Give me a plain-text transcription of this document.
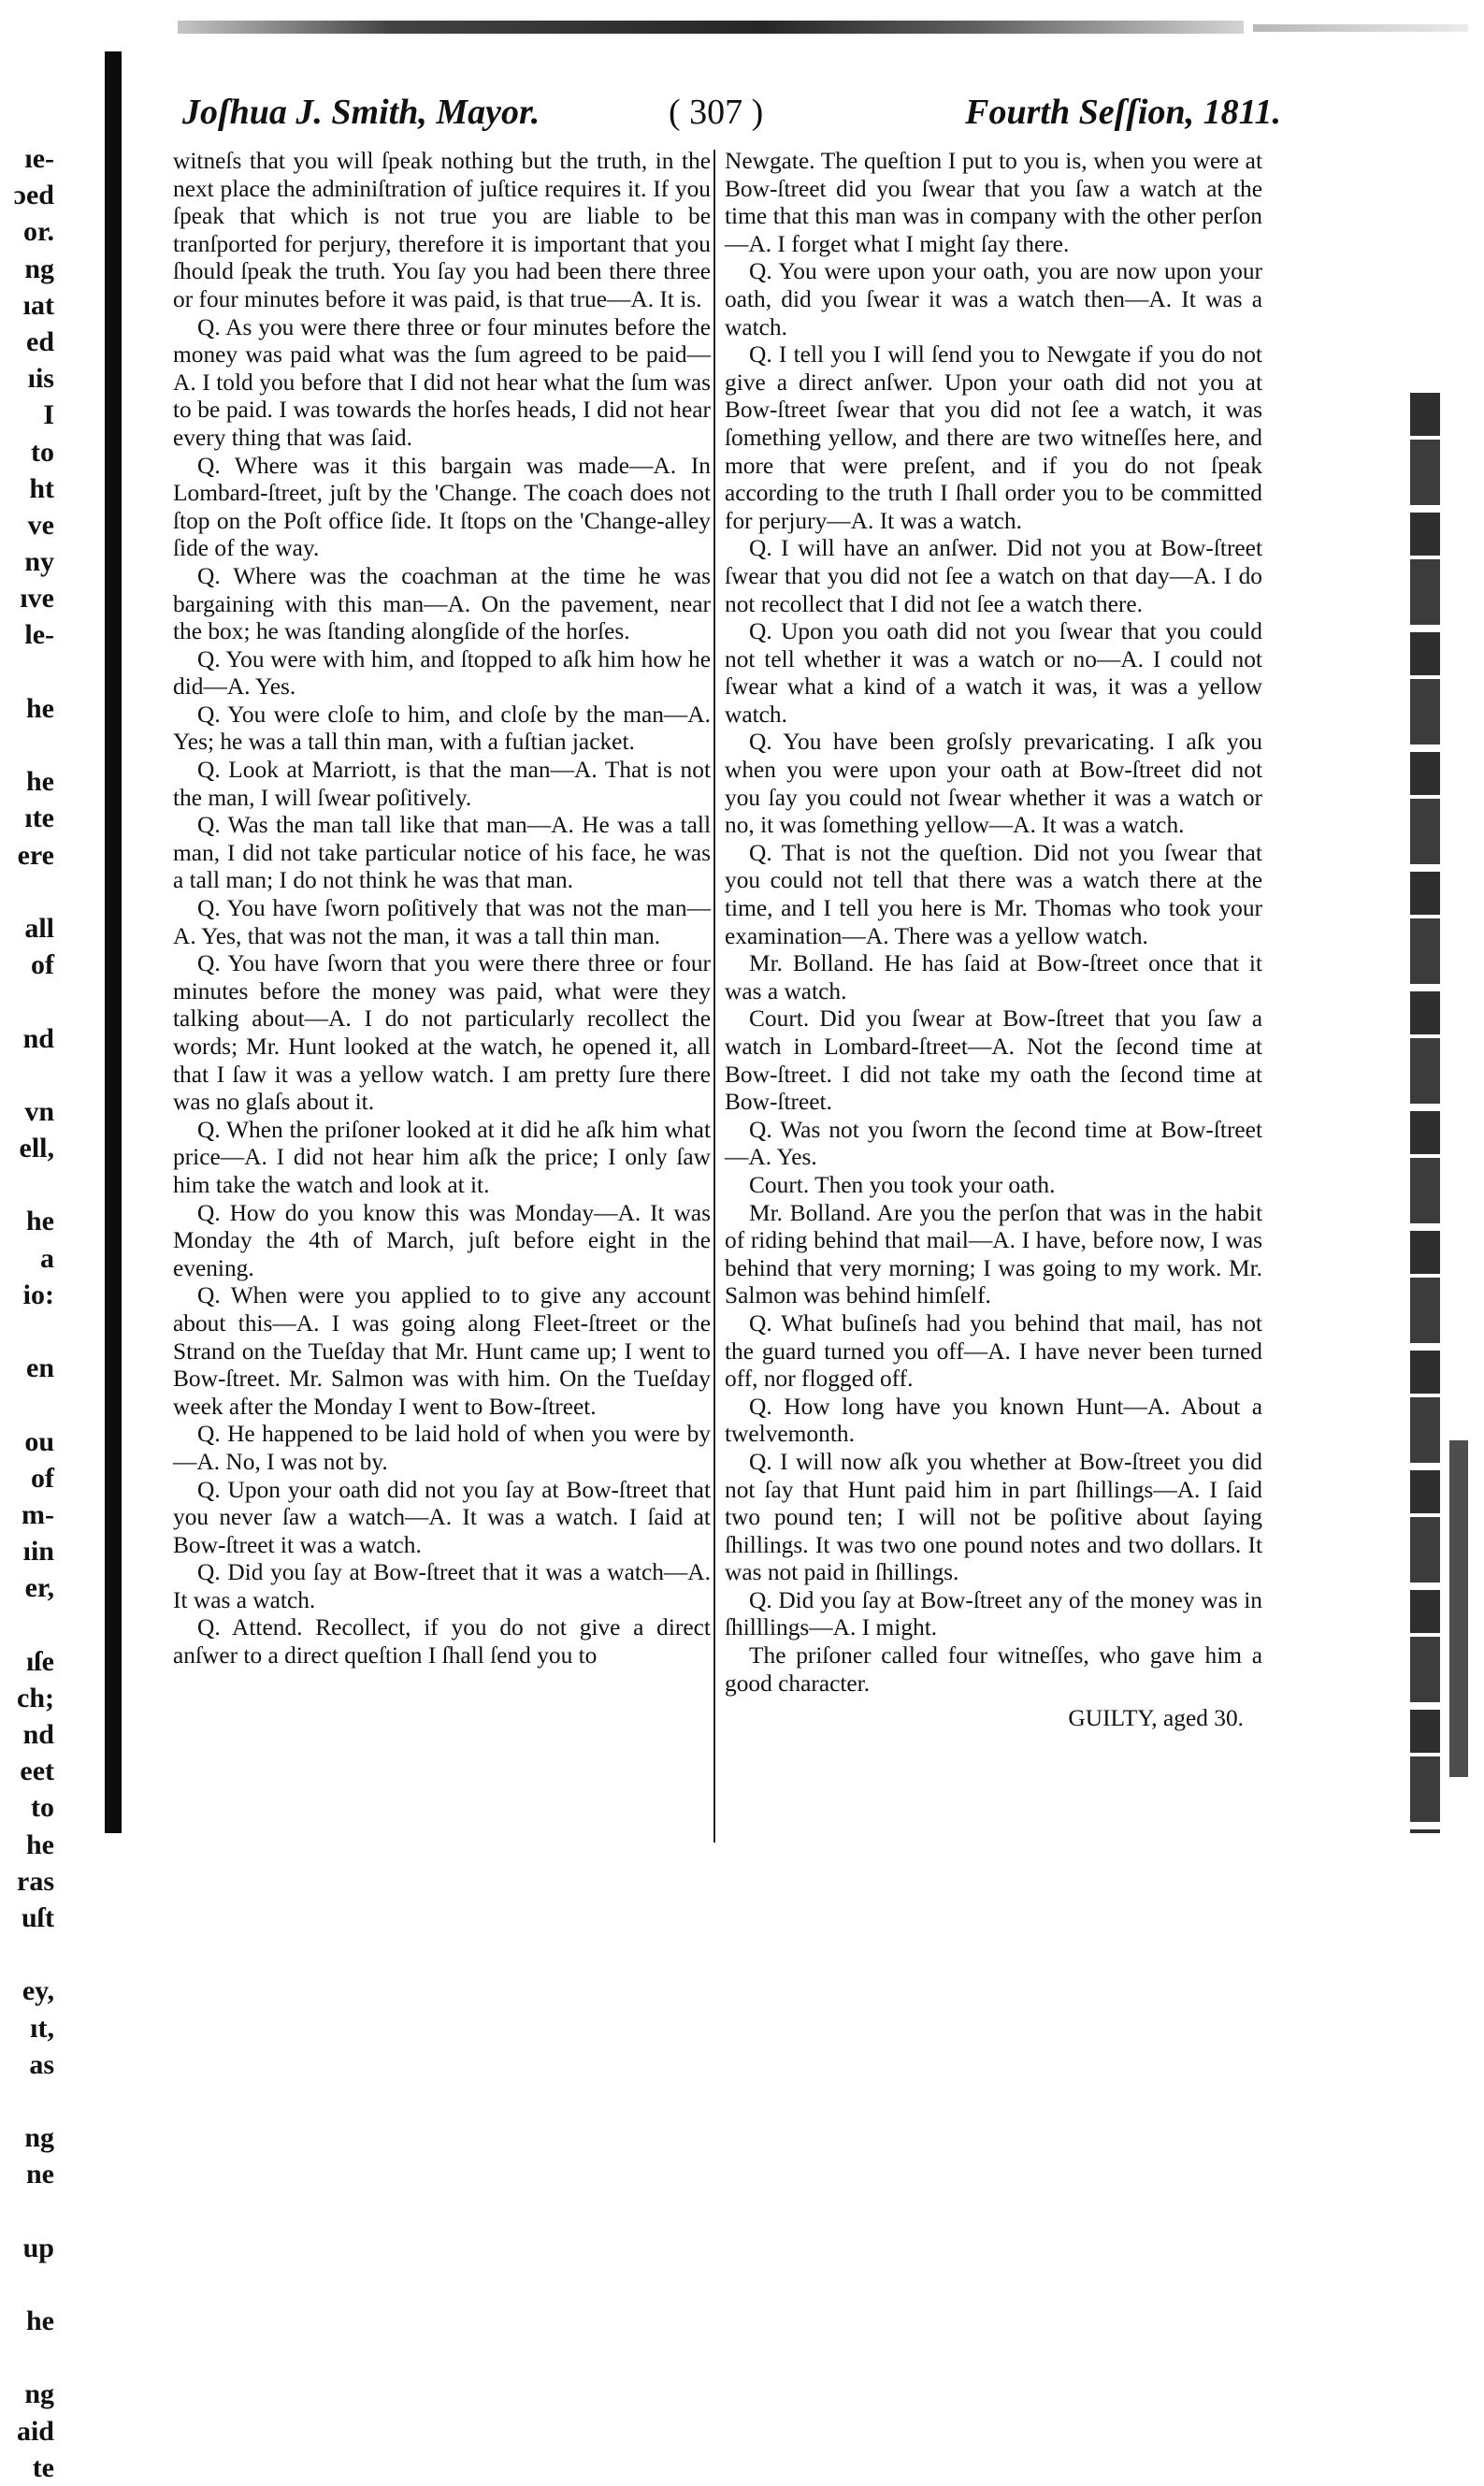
ıe-
ɔed
or.
ng
ıat
ed
ıis
I
to
ht
ve
ny
ıve
le-
he
he
ıte
ere
all
of
nd
vn
ell,
he
a
io:
en
ou
of
m-
ıin
er,
ıſe
ch;
nd
eet
to
he
ras
uſt
ey,
ıt,
as
ng
ne
up
he
ng
aid
te
Joſhua J. Smith, Mayor.	( 307 )	Fourth Seſſion, 1811.

witneſs that you will ſpeak nothing but the truth, in the next place the adminiſtration of juſtice requires it. If you ſpeak that which is not true you are liable to be tranſported for perjury, therefore it is important that you ſhould ſpeak the truth. You ſay you had been there three or four minutes before it was paid, is that true—A. It is.

Q. As you were there three or four minutes before the money was paid what was the ſum agreed to be paid—A. I told you before that I did not hear what the ſum was to be paid. I was towards the horſes heads, I did not hear every thing that was ſaid.

Q. Where was it this bargain was made—A. In Lombard-ſtreet, juſt by the 'Change. The coach does not ſtop on the Poſt office ſide. It ſtops on the 'Change-alley ſide of the way.

Q. Where was the coachman at the time he was bargaining with this man—A. On the pavement, near the box; he was ſtanding alongſide of the horſes.

Q. You were with him, and ſtopped to aſk him how he did—A. Yes.

Q. You were cloſe to him, and cloſe by the man—A. Yes; he was a tall thin man, with a fuſtian jacket.

Q. Look at Marriott, is that the man—A. That is not the man, I will ſwear poſitively.

Q. Was the man tall like that man—A. He was a tall man, I did not take particular notice of his face, he was a tall man; I do not think he was that man.

Q. You have ſworn poſitively that was not the man—A. Yes, that was not the man, it was a tall thin man.

Q. You have ſworn that you were there three or four minutes before the money was paid, what were they talking about—A. I do not particularly recollect the words; Mr. Hunt looked at the watch, he opened it, all that I ſaw it was a yellow watch. I am pretty ſure there was no glaſs about it.

Q. When the priſoner looked at it did he aſk him what price—A. I did not hear him aſk the price; I only ſaw him take the watch and look at it.

Q. How do you know this was Monday—A. It was Monday the 4th of March, juſt before eight in the evening.

Q. When were you applied to to give any account about this—A. I was going along Fleet-ſtreet or the Strand on the Tueſday that Mr. Hunt came up; I went to Bow-ſtreet. Mr. Salmon was with him. On the Tueſday week after the Monday I went to Bow-ſtreet.

Q. He happened to be laid hold of when you were by—A. No, I was not by.

Q. Upon your oath did not you ſay at Bow-ſtreet that you never ſaw a watch—A. It was a watch. I ſaid at Bow-ſtreet it was a watch.

Q. Did you ſay at Bow-ſtreet that it was a watch—A. It was a watch.

Q. Attend. Recollect, if you do not give a direct anſwer to a direct queſtion I ſhall ſend you to

Newgate. The queſtion I put to you is, when you were at Bow-ſtreet did you ſwear that you ſaw a watch at the time that this man was in company with the other perſon—A. I forget what I might ſay there.

Q. You were upon your oath, you are now upon your oath, did you ſwear it was a watch then—A. It was a watch.

Q. I tell you I will ſend you to Newgate if you do not give a direct anſwer. Upon your oath did not you at Bow-ſtreet ſwear that you did not ſee a watch, it was ſomething yellow, and there are two witneſſes here, and more that were preſent, and if you do not ſpeak according to the truth I ſhall order you to be committed for perjury—A. It was a watch.

Q. I will have an anſwer. Did not you at Bow-ſtreet ſwear that you did not ſee a watch on that day—A. I do not recollect that I did not ſee a watch there.

Q. Upon you oath did not you ſwear that you could not tell whether it was a watch or no—A. I could not ſwear what a kind of a watch it was, it was a yellow watch.

Q. You have been groſsly prevaricating. I aſk you when you were upon your oath at Bow-ſtreet did not you ſay you could not ſwear whether it was a watch or no, it was ſomething yellow—A. It was a watch.

Q. That is not the queſtion. Did not you ſwear that you could not tell that there was a watch there at the time, and I tell you here is Mr. Thomas who took your examination—A. There was a yellow watch.

Mr. Bolland. He has ſaid at Bow-ſtreet once that it was a watch.

Court. Did you ſwear at Bow-ſtreet that you ſaw a watch in Lombard-ſtreet—A. Not the ſecond time at Bow-ſtreet. I did not take my oath the ſecond time at Bow-ſtreet.

Q. Was not you ſworn the ſecond time at Bow-ſtreet—A. Yes.

Court. Then you took your oath.

Mr. Bolland. Are you the perſon that was in the habit of riding behind that mail—A. I have, before now, I was behind that very morning; I was going to my work. Mr. Salmon was behind himſelf.

Q. What buſineſs had you behind that mail, has not the guard turned you off—A. I have never been turned off, nor flogged off.

Q. How long have you known Hunt—A. About a twelvemonth.

Q. I will now aſk you whether at Bow-ſtreet you did not ſay that Hunt paid him in part ſhillings—A. I ſaid two pound ten; I will not be poſitive about ſaying ſhillings. It was two one pound notes and two dollars. It was not paid in ſhillings.

Q. Did you ſay at Bow-ſtreet any of the money was in ſhilllings—A. I might.

The priſoner called four witneſſes, who gave him a good character.

GUILTY, aged 30.
